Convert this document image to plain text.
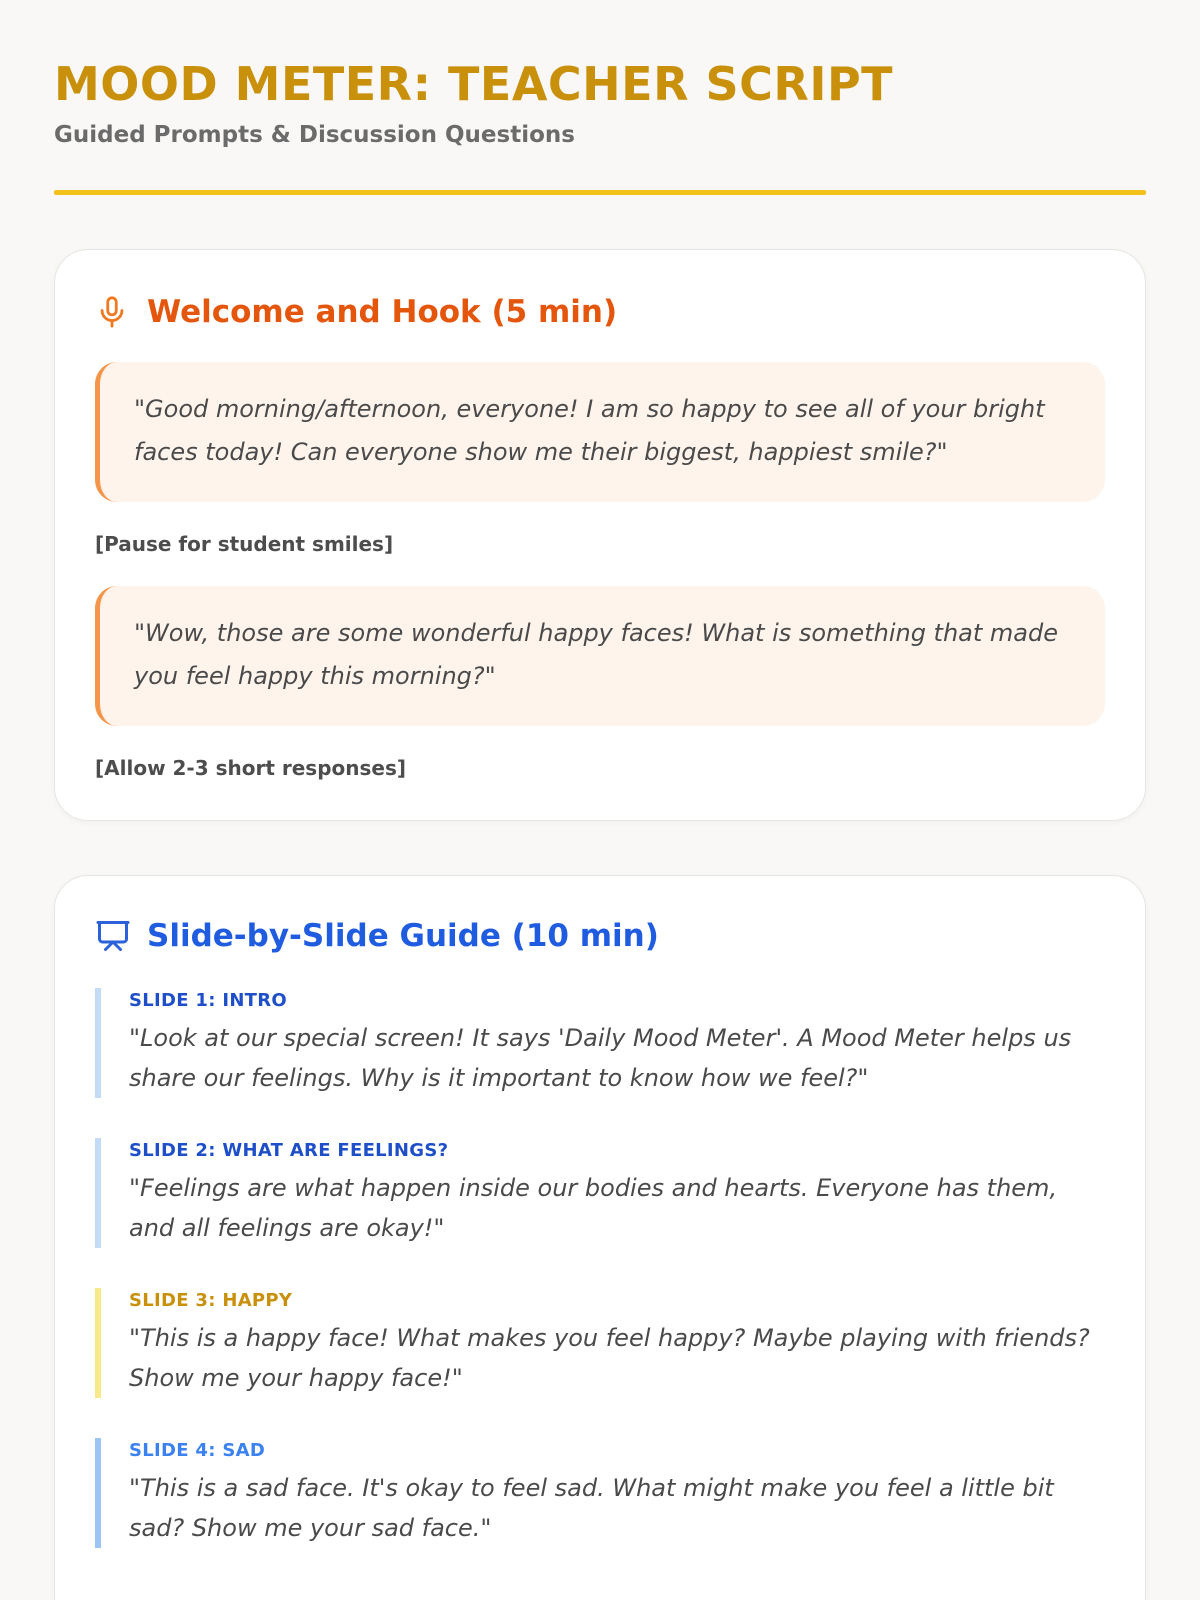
MOOD METER: TEACHER SCRIPT
Guided Prompts & Discussion Questions
Welcome and Hook (5 min)
"Good morning/afternoon, everyone! I am so happy to see all of your bright faces today! Can everyone show me their biggest, happiest smile?"
[Pause for student smiles]
"Wow, those are some wonderful happy faces! What is something that made you feel happy this morning?"
[Allow 2-3 short responses]
Slide-by-Slide Guide (10 min)
SLIDE 1: INTRO
"Look at our special screen! It says 'Daily Mood Meter'. A Mood Meter helps us share our feelings. Why is it important to know how we feel?"
SLIDE 2: WHAT ARE FEELINGS?
"Feelings are what happen inside our bodies and hearts. Everyone has them, and all feelings are okay!"
SLIDE 3: HAPPY
"This is a happy face! What makes you feel happy? Maybe playing with friends? Show me your happy face!"
SLIDE 4: SAD
"This is a sad face. It's okay to feel sad. What might make you feel a little bit sad? Show me your sad face."
